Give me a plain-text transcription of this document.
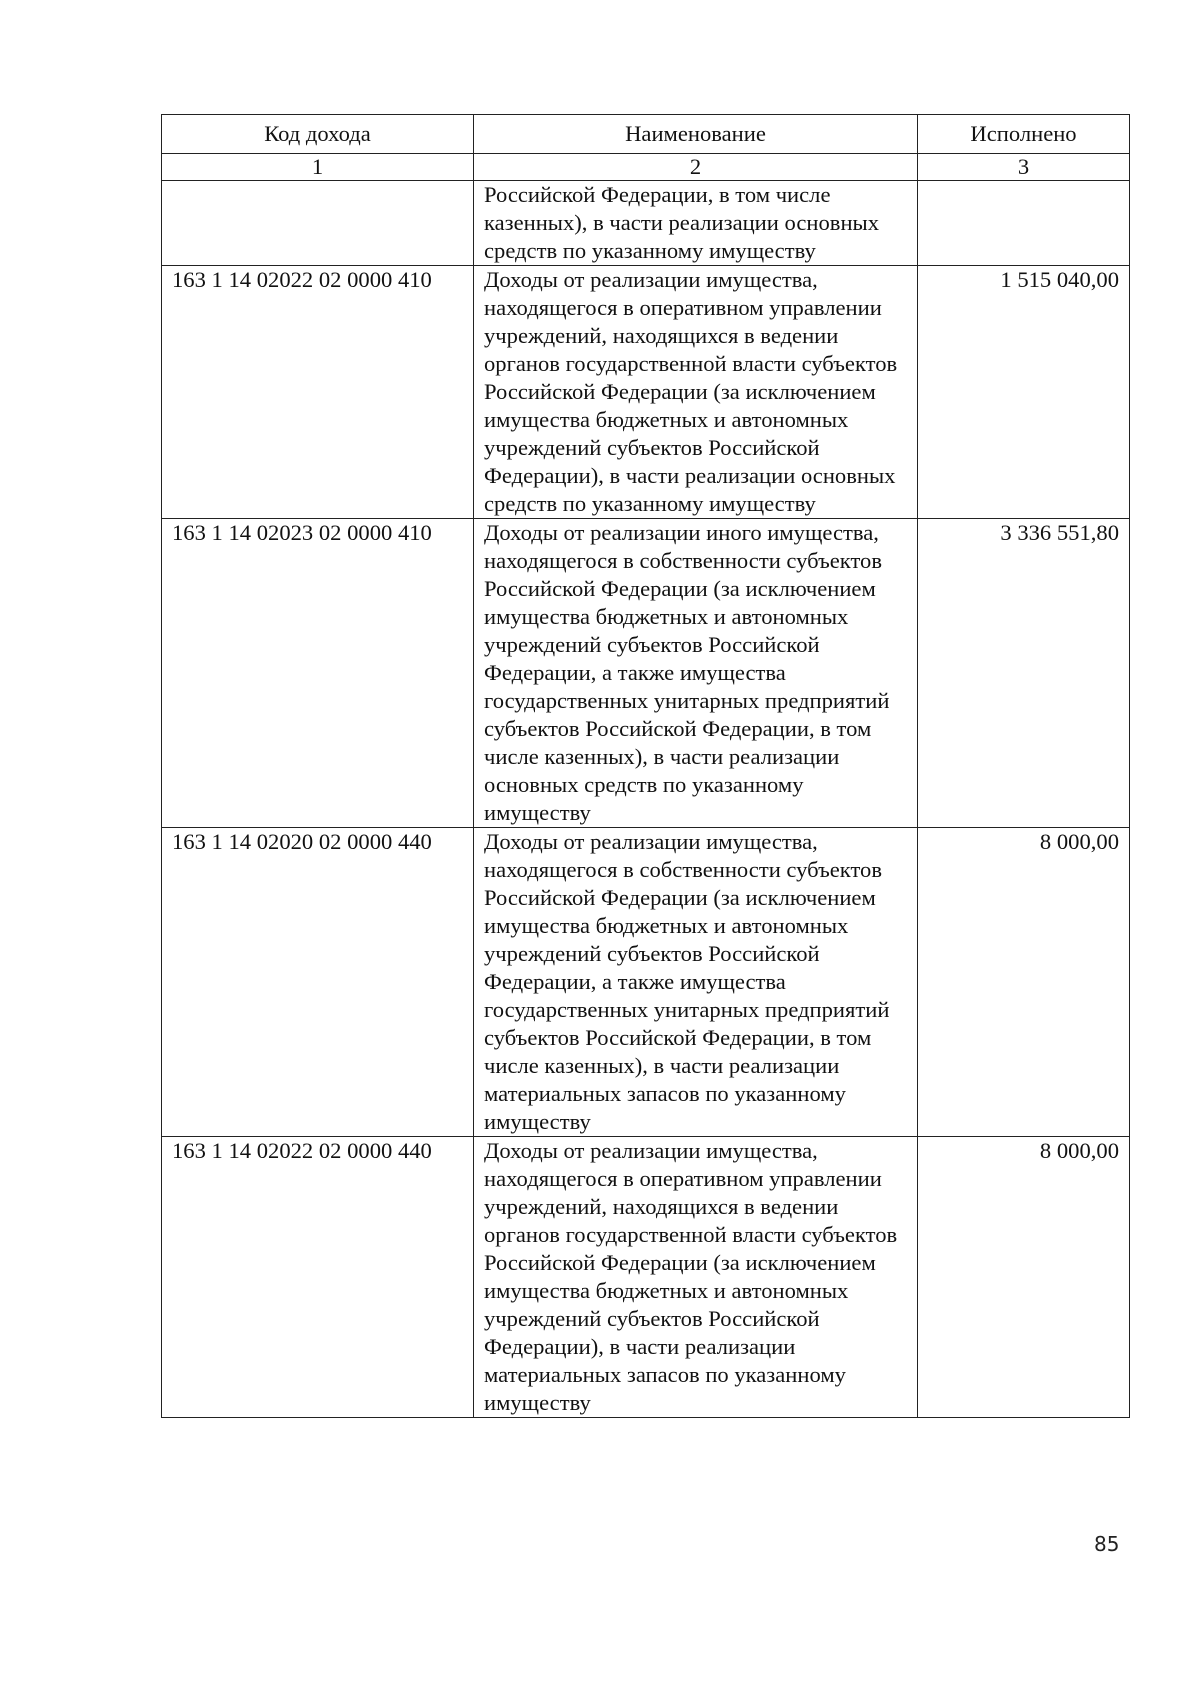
Код дохода	Наименование	Исполнено
1	2	3
	Российской Федерации, в том числе казенных), в части реализации основных средств по указанному имуществу	
163 1 14 02022 02 0000 410	Доходы от реализации имущества, находящегося в оперативном управлении учреждений, находящихся в ведении органов государственной власти субъектов Российской Федерации (за исключением имущества бюджетных и автономных учреждений субъектов Российской Федерации), в части реализации основных средств по указанному имуществу	1 515 040,00
163 1 14 02023 02 0000 410	Доходы от реализации иного имущества, находящегося в собственности субъектов Российской Федерации (за исключением имущества бюджетных и автономных учреждений субъектов Российской Федерации, а также имущества государственных унитарных предприятий субъектов Российской Федерации, в том числе казенных), в части реализации основных средств по указанному имуществу	3 336 551,80
163 1 14 02020 02 0000 440	Доходы от реализации имущества, находящегося в собственности субъектов Российской Федерации (за исключением имущества бюджетных и автономных учреждений субъектов Российской Федерации, а также имущества государственных унитарных предприятий субъектов Российской Федерации, в том числе казенных), в части реализации материальных запасов по указанному имуществу	8 000,00
163 1 14 02022 02 0000 440	Доходы от реализации имущества, находящегося в оперативном управлении учреждений, находящихся в ведении органов государственной власти субъектов Российской Федерации (за исключением имущества бюджетных и автономных учреждений субъектов Российской Федерации), в части реализации материальных запасов по указанному имуществу	8 000,00
85
